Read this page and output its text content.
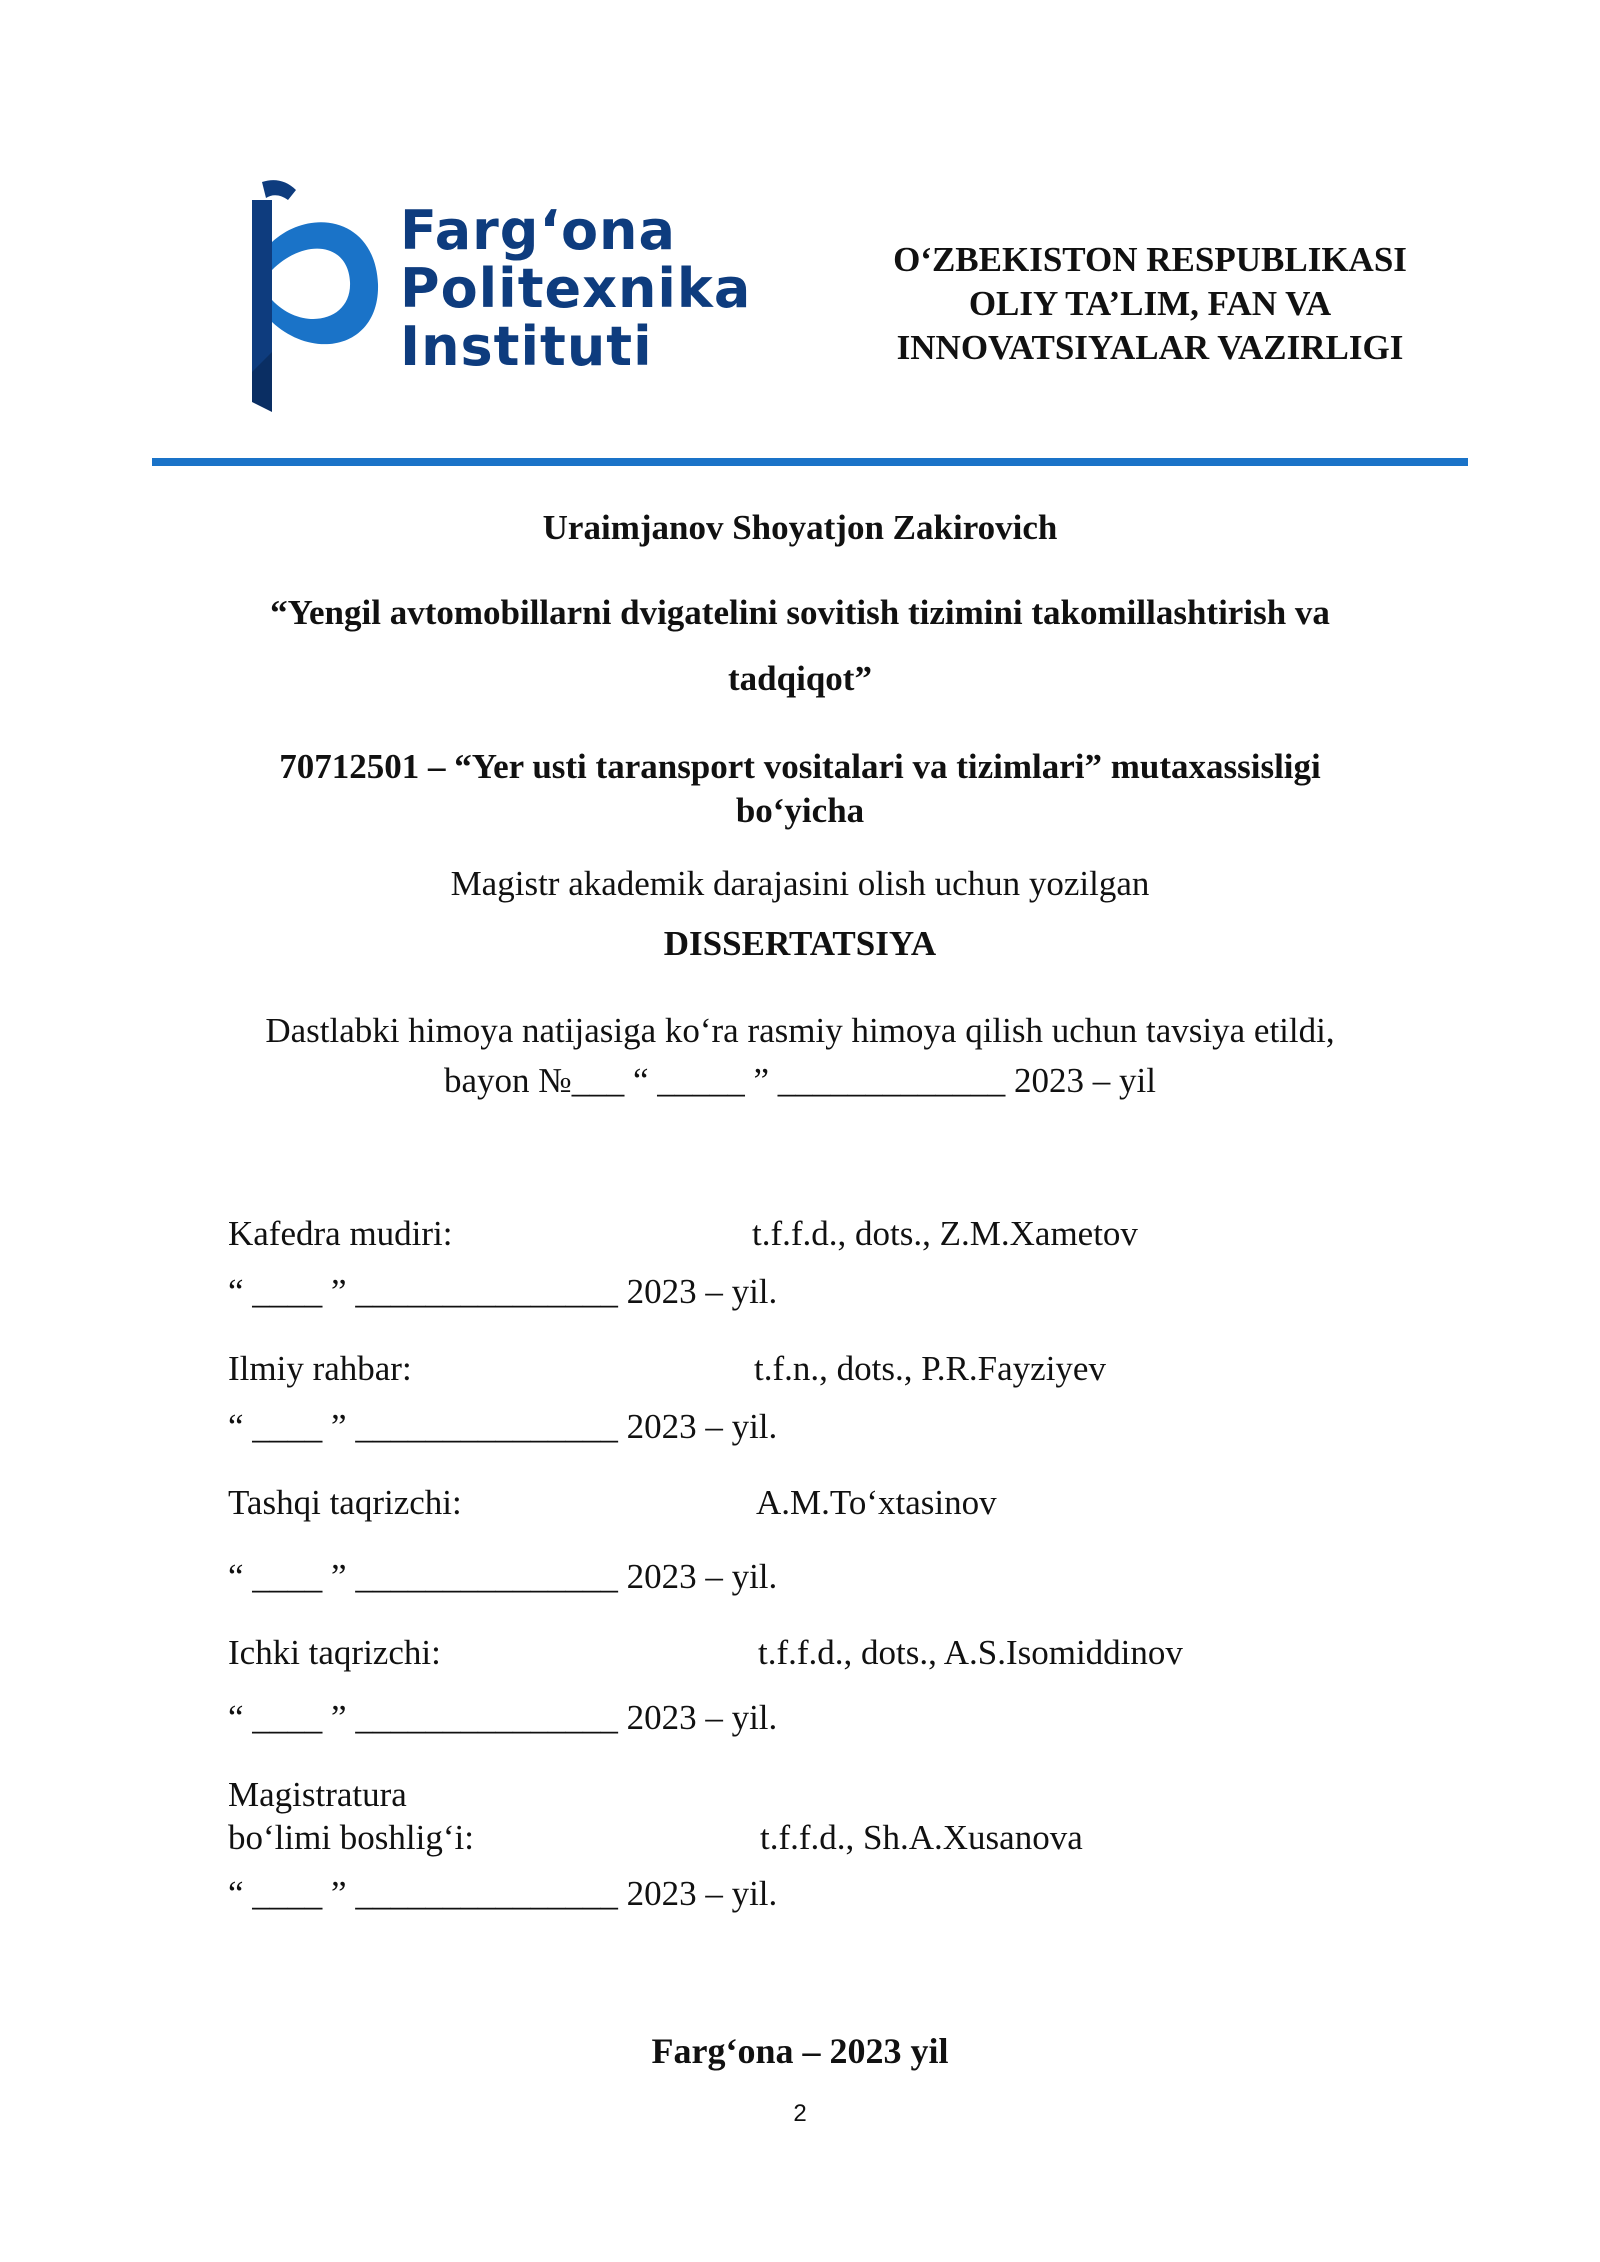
Farg‘ona
Politexnika
Instituti
O‘ZBEKISTON RESPUBLIKASI
OLIY TA’LIM, FAN VA
INNOVATSIYALAR VAZIRLIGI
Uraimjanov Shoyatjon Zakirovich
“Yengil avtomobillarni dvigatelini sovitish tizimini takomillashtirish va
tadqiqot”
70712501 – “Yer usti taransport vositalari va tizimlari” mutaxassisligi
bo‘yicha
Magistr akademik darajasini olish uchun yozilgan
DISSERTATSIYA
Dastlabki himoya natijasiga ko‘ra rasmiy himoya qilish uchun tavsiya etildi,
bayon №___ “ _____ ” _____________ 2023 – yil
Kafedra mudiri:	t.f.f.d., dots., Z.M.Xametov
“ ____ ” _______________ 2023 – yil.
Ilmiy rahbar:	t.f.n., dots., P.R.Fayziyev
“ ____ ” _______________ 2023 – yil.
Tashqi taqrizchi:	A.M.To‘xtasinov
“ ____ ” _______________ 2023 – yil.
Ichki taqrizchi:	t.f.f.d., dots., A.S.Isomiddinov
“ ____ ” _______________ 2023 – yil.
Magistratura
bo‘limi boshlig‘i:	t.f.f.d., Sh.A.Xusanova
“ ____ ” _______________ 2023 – yil.
Farg‘ona – 2023 yil
2
